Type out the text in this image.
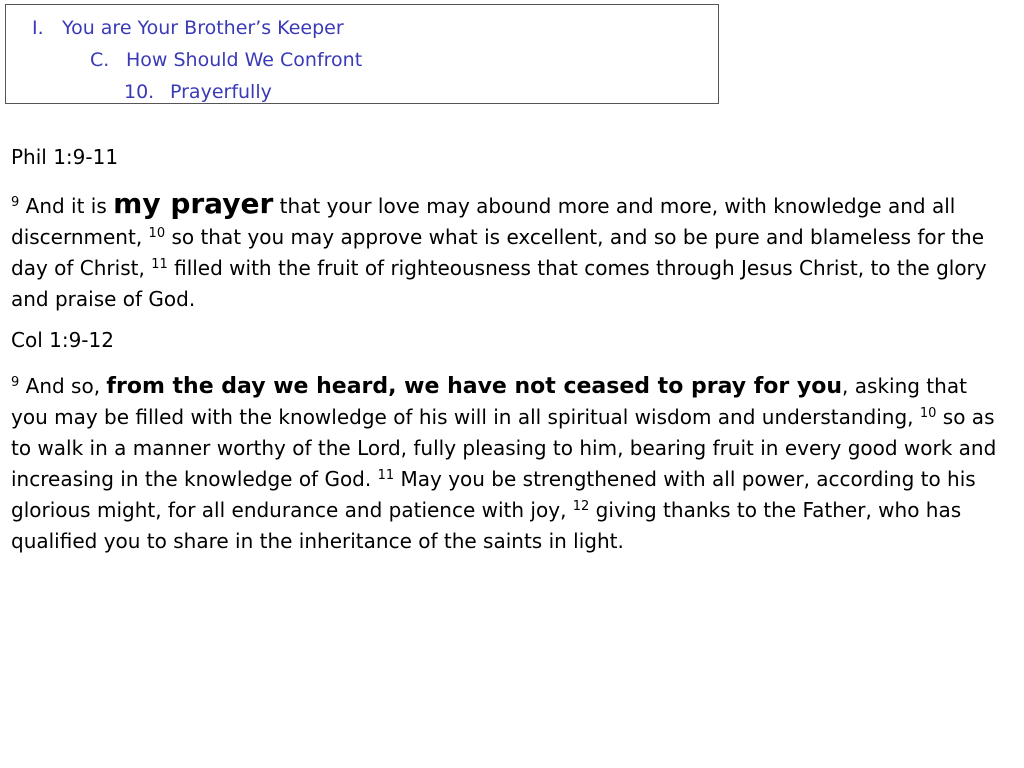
I. You are Your Brother’s Keeper
C. How Should We Confront
10. Prayerfully

Phil 1:9-11

$^9$ And it is my prayer that your love may abound more and more, with knowledge and all discernment, $^{10}$ so that you may approve what is excellent, and so be pure and blameless for the day of Christ, $^{11}$ filled with the fruit of righteousness that comes through Jesus Christ, to the glory and praise of God.

Col 1:9-12

$^9$ And so, from the day we heard, we have not ceased to pray for you, asking that you may be filled with the knowledge of his will in all spiritual wisdom and understanding, $^{10}$ so as to walk in a manner worthy of the Lord, fully pleasing to him, bearing fruit in every good work and increasing in the knowledge of God. $^{11}$ May you be strengthened with all power, according to his glorious might, for all endurance and patience with joy, $^{12}$ giving thanks to the Father, who has qualified you to share in the inheritance of the saints in light.
